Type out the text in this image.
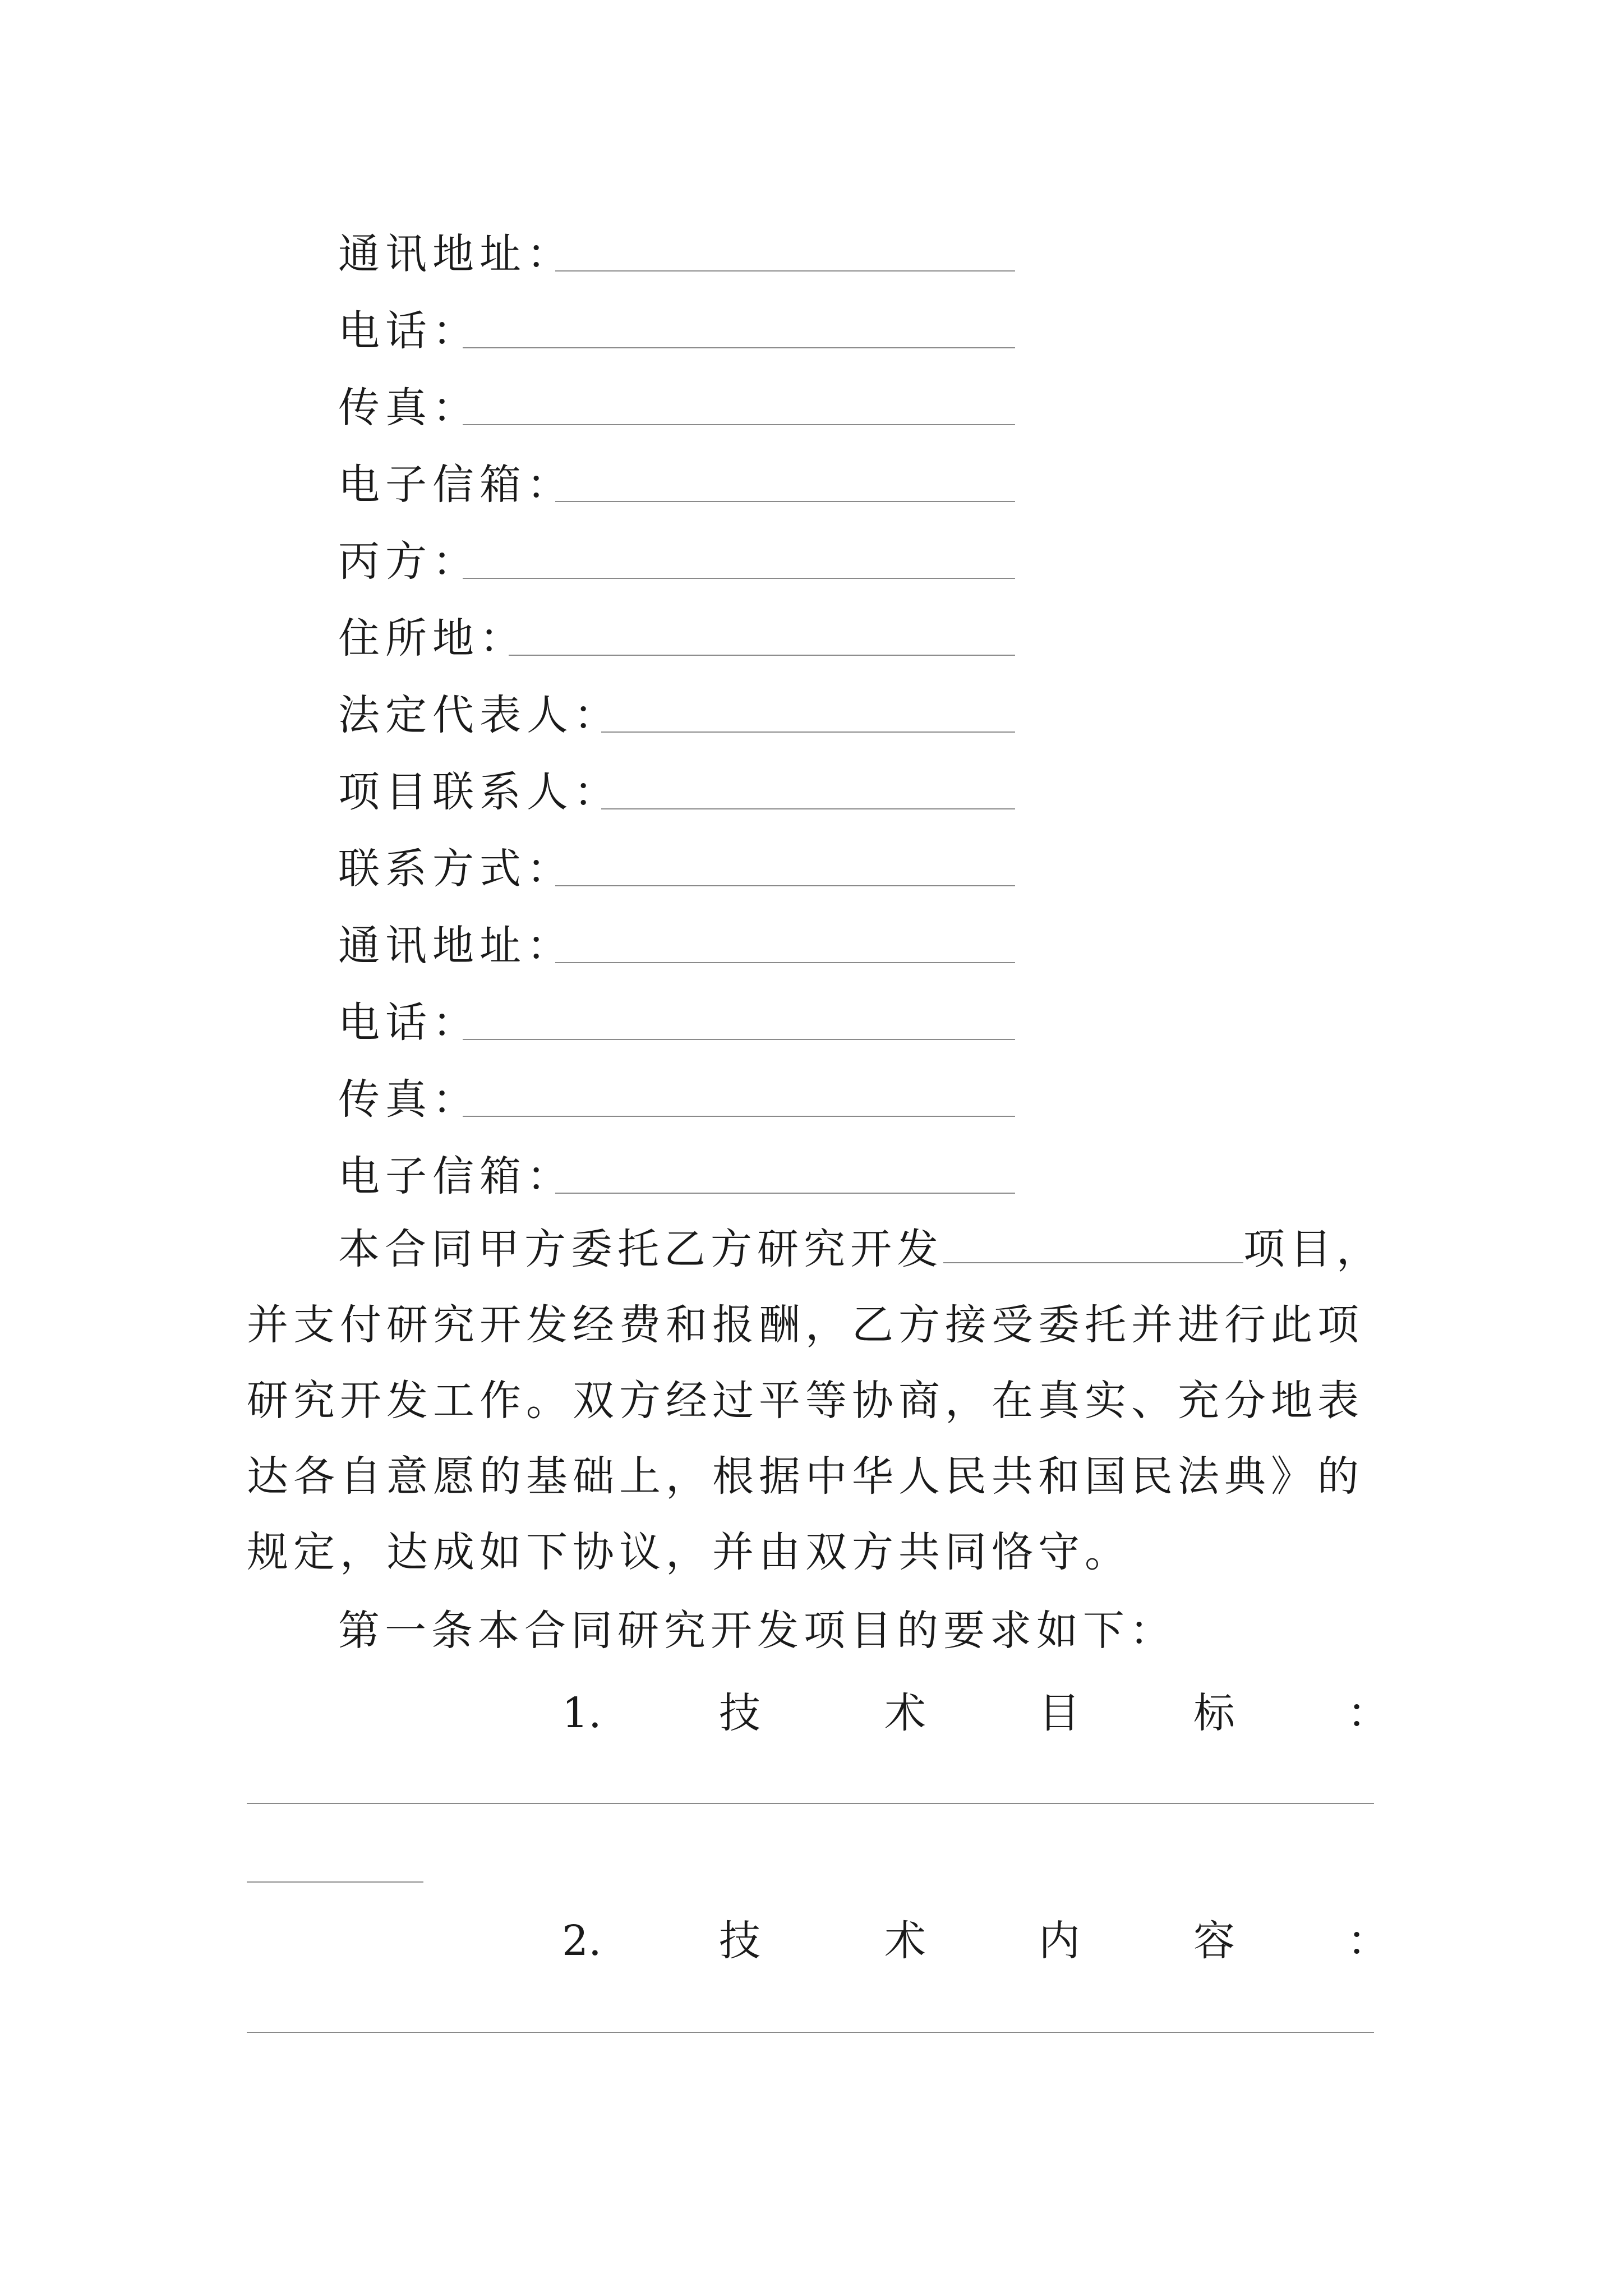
通讯地址：
电话：
传真：
电子信箱：
丙方：
住所地：
法定代表人：
项目联系人：
联系方式：
通讯地址：
电话：
传真：
电子信箱：

本合同甲方委托乙方研究开发	项目，并支付研究开发经费和报酬，乙方接受委托并进行此项研究开发工作。双方经过平等协商，在真实、充分地表达各自意愿的基础上，根据中华人民共和国民法典》的规定，达成如下协议，并由双方共同恪守。

第一条本合同研究开发项目的要求如下：

1.	技	术	目	标	：
2.	技	术	内	容	：
